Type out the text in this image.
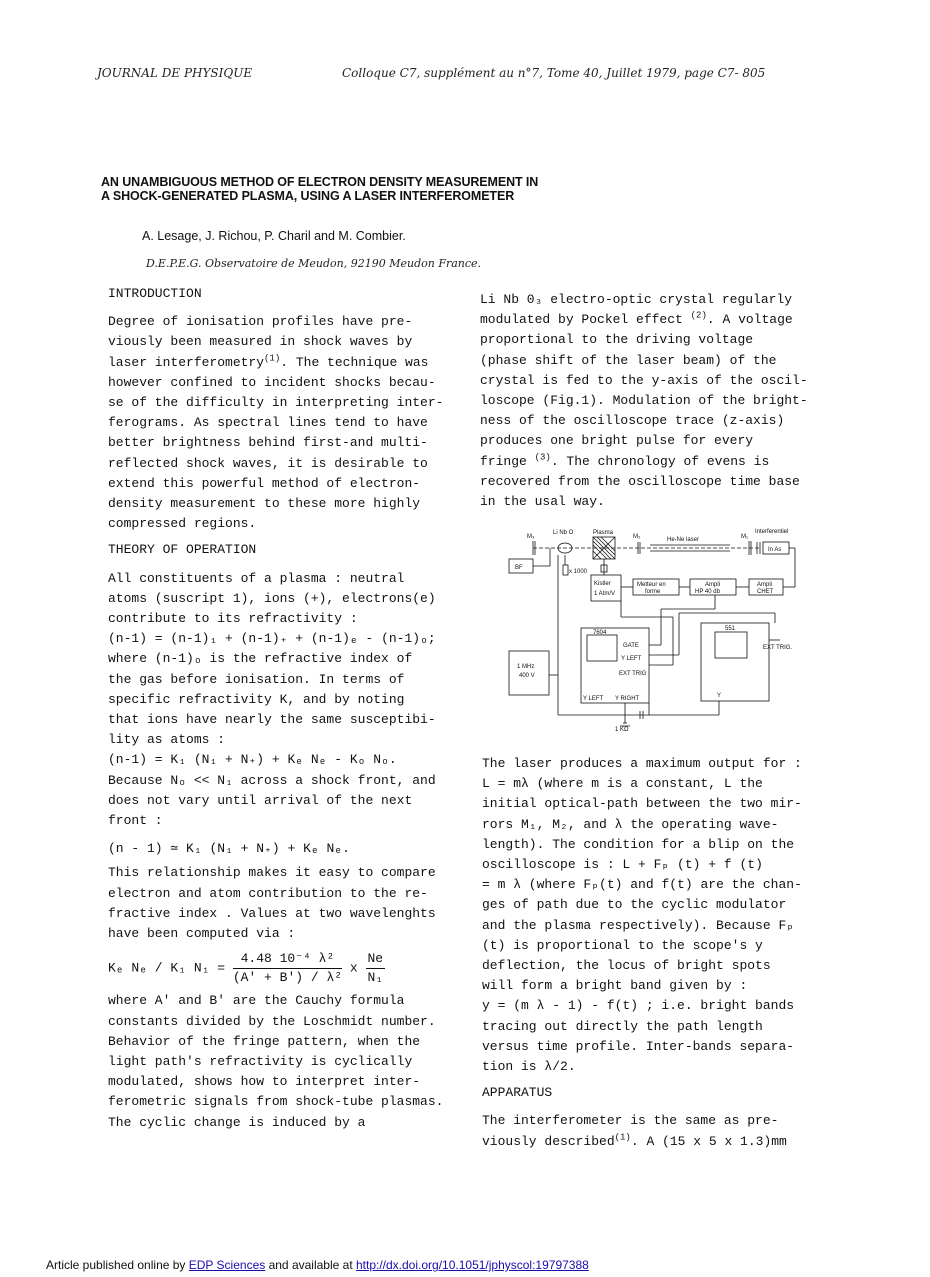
JOURNAL DE PHYSIQUE	Colloque C7, supplément au n°7, Tome 40, Juillet 1979, page C7- 805
AN UNAMBIGUOUS METHOD OF ELECTRON DENSITY MEASUREMENT IN
A SHOCK-GENERATED PLASMA, USING A LASER INTERFEROMETER
A. Lesage, J. Richou, P. Charil and M. Combier.
D.E.P.E.G. Observatoire de Meudon, 92190 Meudon France.

INTRODUCTION

Degree of ionisation profiles have pre-

viously been measured in shock waves by

laser interferometry$^{(1)}$. The technique was

however confined to incident shocks becau-

se of the difficulty in interpreting inter-

ferograms. As spectral lines tend to have

better brightness behind first-and multi-

reflected shock waves, it is desirable to

extend this powerful method of electron-

density measurement to these more highly

compressed regions.

THEORY OF OPERATION

All constituents of a plasma : neutral

atoms (suscript 1), ions (+), electrons(e)

contribute to its refractivity :

(n-1) = (n-1)₁ + (n-1)₊ + (n-1)ₑ - (n-1)ₒ;

where (n-1)ₒ is the refractive index of

the gas before ionisation. In terms of

specific refractivity K, and by noting

that ions have nearly the same susceptibi-

lity as atoms :

(n-1) = K₁ (N₁ + N₊) + Kₑ Nₑ - Kₒ Nₒ.

Because Nₒ << N₁ across a shock front, and

does not vary until arrival of the next

front :

(n - 1) ≃ K₁ (N₁ + N₊) + Kₑ Nₑ.

This relationship makes it easy to compare

electron and atom contribution to the re-

fractive index . Values at two wavelenghts

have been computed via :

Kₑ Nₑ / K₁ $N_1 = \frac{\text{4.48 10⁻⁴ λ²}}{\text{(A' + B') / λ²}}$ x $\frac{Ne}{\text{N₁}}$

where A' and B' are the Cauchy formula

constants divided by the Loschmidt number.

Behavior of the fringe pattern, when the

light path's refractivity is cyclically

modulated, shows how to interpret inter-

ferometric signals from shock-tube plasmas.

The cyclic change is induced by a

Li Nb 0₃ electro-optic crystal regularly

modulated by Pockel effect $^{(2)}$. A voltage

proportional to the driving voltage

(phase shift of the laser beam) of the

crystal is fed to the y-axis of the oscil-

loscope (Fig.1). Modulation of the bright-

ness of the oscilloscope trace (z-axis)

produces one bright pulse for every

fringe $^{(3)}$. The chronology of evens is

recovered from the oscilloscope time base

in the usal way.

M₃
Li Nb O	Plasma
M₂	He-Ne laser	M₁
Interferentiel
In As
BF
x 1000
Kistler
1 Atm/V
Metteur en
forme
Ampli
HP 40 db
Ampli
CHET
7604
551
GATE
Y LEFT
EXT TRIG
Y LEFT Y RIGHT
EXT TRIG.
Y
1 MHz
400 V
1 KΩ

The laser produces a maximum output for :

L = mλ (where m is a constant, L the

initial optical-path between the two mir-

rors M₁, M₂, and λ the operating wave-

length). The condition for a blip on the

oscilloscope is : L + Fₚ (t) + f (t)

= m λ (where Fₚ(t) and f(t) are the chan-

ges of path due to the cyclic modulator

and the plasma respectively). Because Fₚ

(t) is proportional to the scope's y

deflection, the locus of bright spots

will form a bright band given by :

y = (m λ - 1) - f(t) ; i.e. bright bands

tracing out directly the path length

versus time profile. Inter-bands separa-

tion is λ/2.

APPARATUS

The interferometer is the same as pre-

viously described$^{(1)}$. A (15 x 5 x 1.3)mm

Article published online by EDP Sciences and available at http://dx.doi.org/10.1051/jphyscol:19797388
